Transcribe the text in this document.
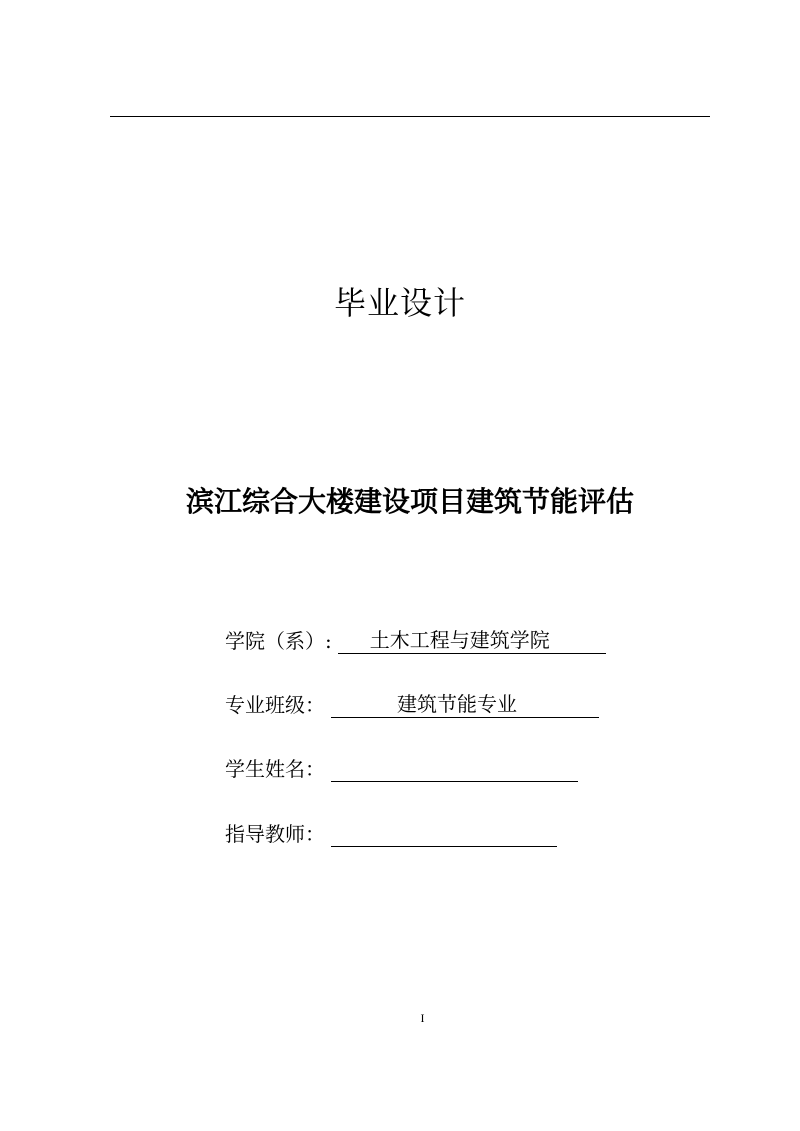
毕业设计
滨江综合大楼建设项目建筑节能评估
学院（系）: 土木工程与建筑学院
专业班级：	建筑节能专业
学生姓名：
指导教师：
I
